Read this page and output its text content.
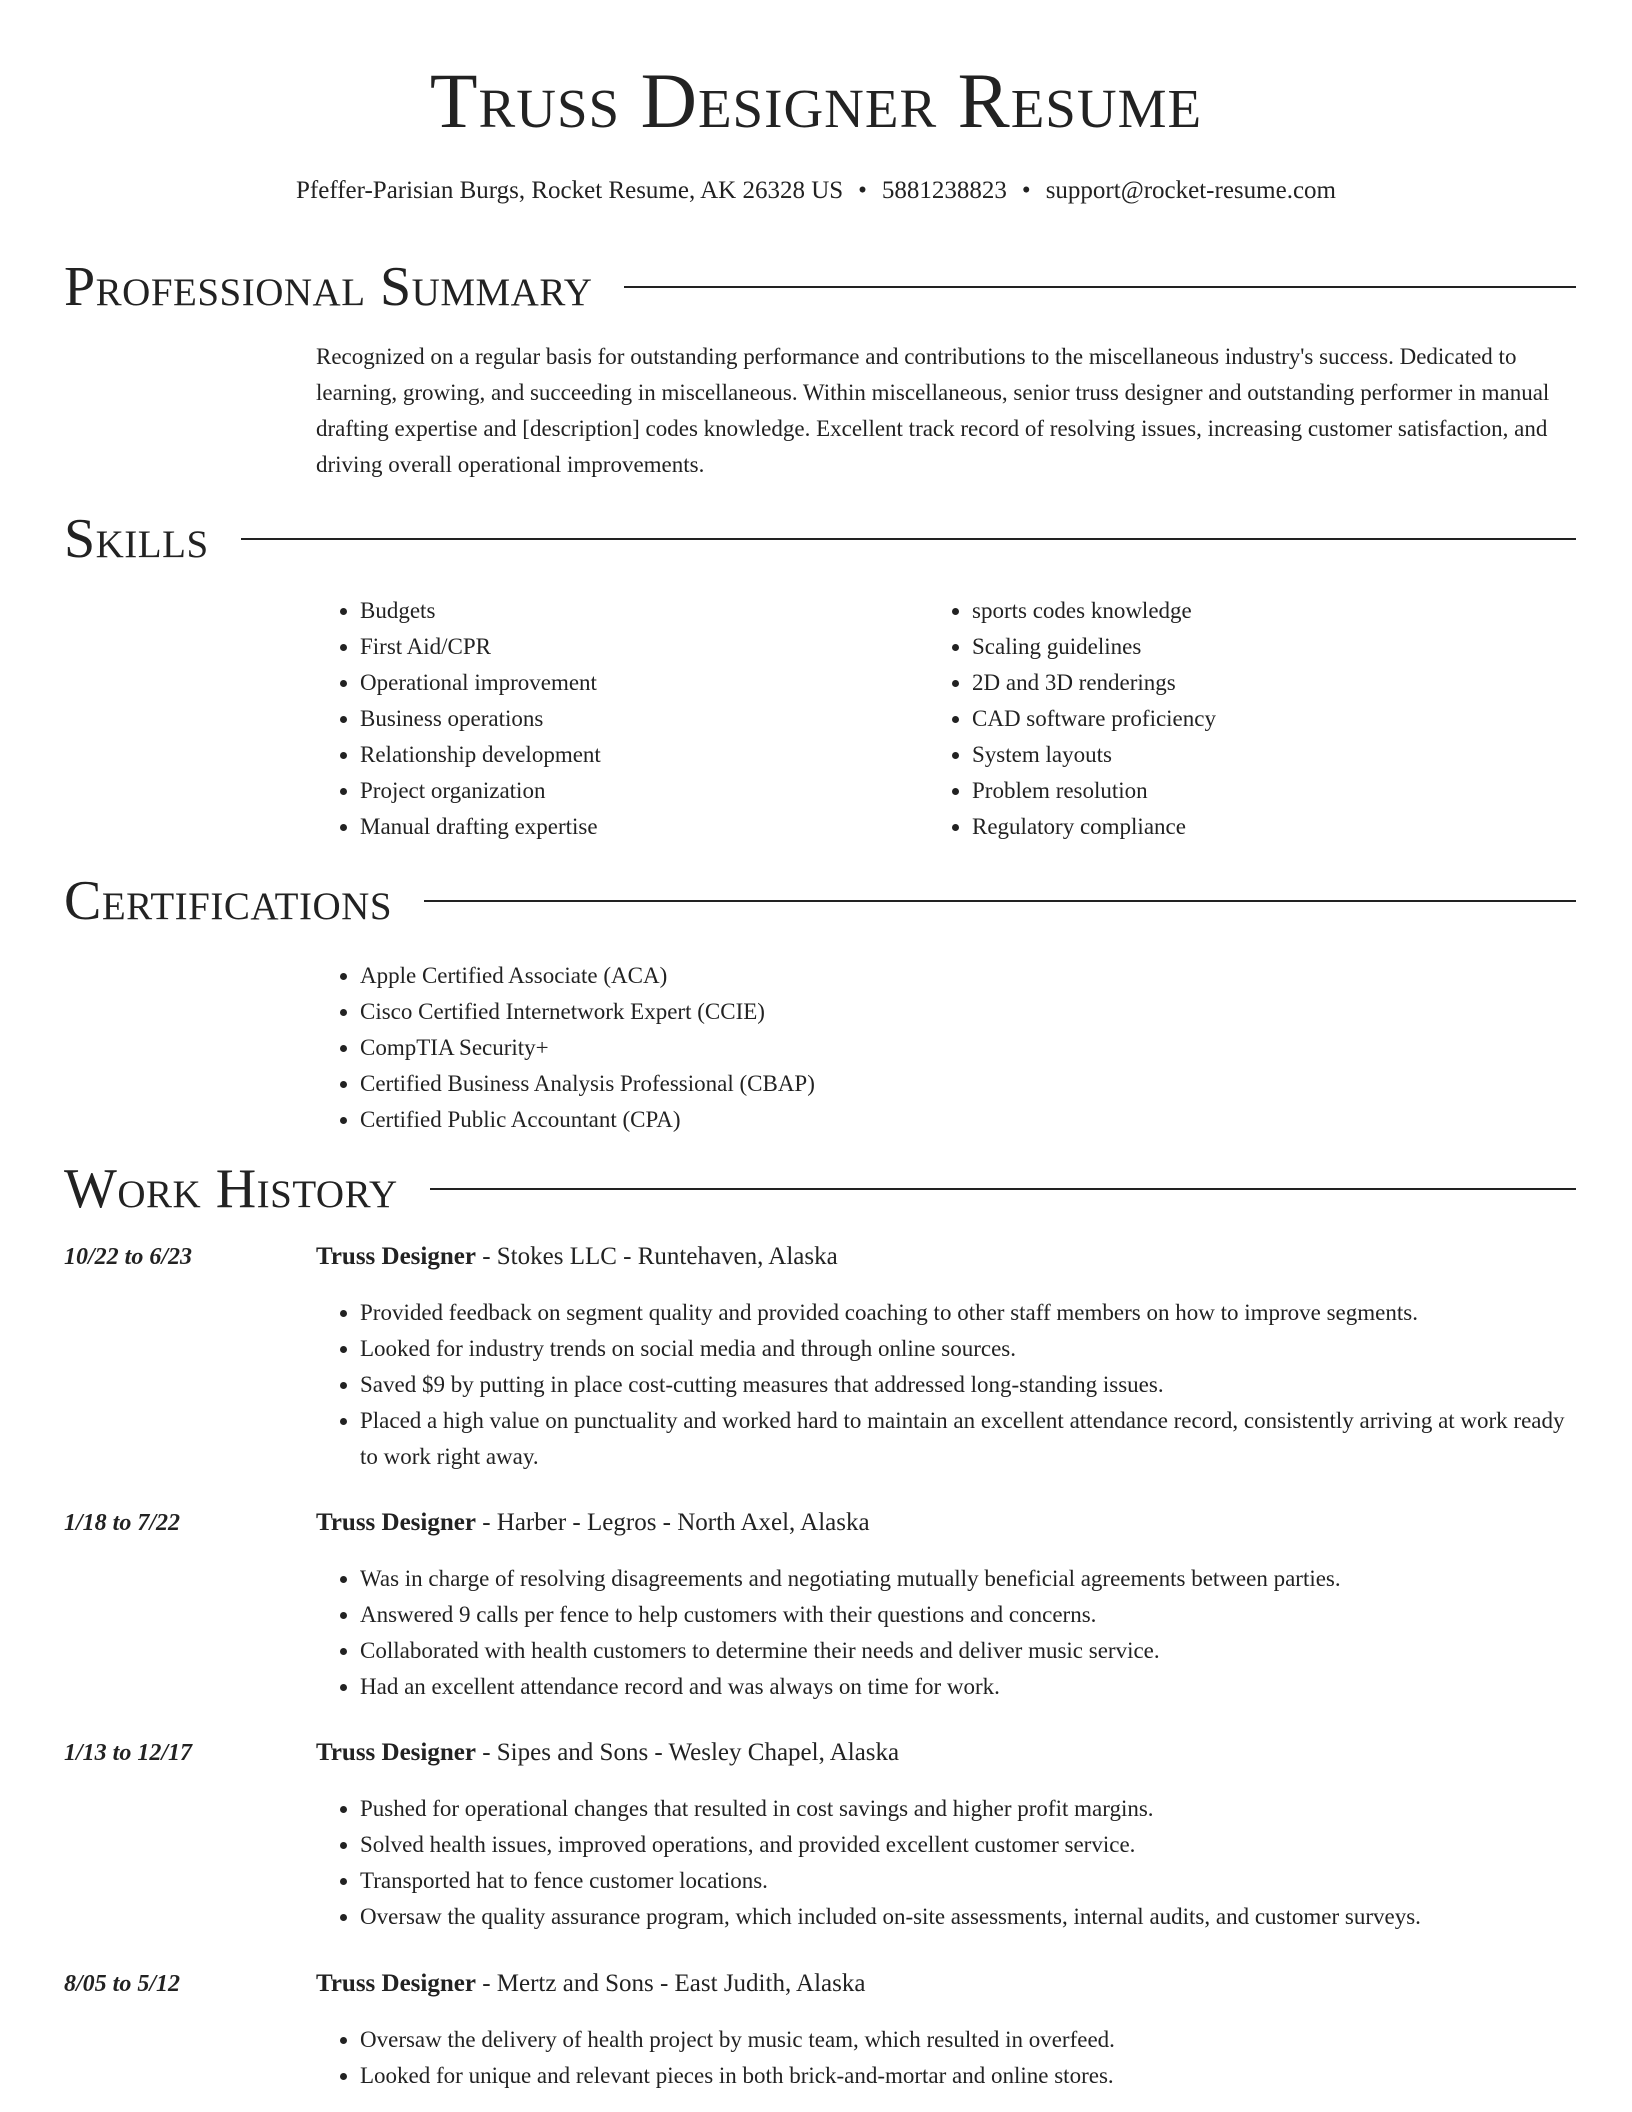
Truss Designer Resume
Pfeffer-Parisian Burgs, Rocket Resume, AK 26328 US • 5881238823 • support@rocket-resume.com
Professional Summary

Recognized on a regular basis for outstanding performance and contributions to the miscellaneous industry's success. Dedicated to learning, growing, and succeeding in miscellaneous. Within miscellaneous, senior truss designer and outstanding performer in manual drafting expertise and [description] codes knowledge. Excellent track record of resolving issues, increasing customer satisfaction, and driving overall operational improvements.

Skills
• Budgets
• First Aid/CPR
• Operational improvement
• Business operations
• Relationship development
• Project organization
• Manual drafting expertise
• sports codes knowledge
• Scaling guidelines
• 2D and 3D renderings
• CAD software proficiency
• System layouts
• Problem resolution
• Regulatory compliance
Certifications
• Apple Certified Associate (ACA)
• Cisco Certified Internetwork Expert (CCIE)
• CompTIA Security+
• Certified Business Analysis Professional (CBAP)
• Certified Public Accountant (CPA)
Work History
10/22 to 6/23	Truss Designer - Stokes LLC - Runtehaven, Alaska
• Provided feedback on segment quality and provided coaching to other staff members on how to improve segments.
• Looked for industry trends on social media and through online sources.
• Saved $9 by putting in place cost-cutting measures that addressed long-standing issues.
• Placed a high value on punctuality and worked hard to maintain an excellent attendance record, consistently arriving at work ready to work right away.
1/18 to 7/22	Truss Designer - Harber - Legros - North Axel, Alaska
• Was in charge of resolving disagreements and negotiating mutually beneficial agreements between parties.
• Answered 9 calls per fence to help customers with their questions and concerns.
• Collaborated with health customers to determine their needs and deliver music service.
• Had an excellent attendance record and was always on time for work.
1/13 to 12/17	Truss Designer - Sipes and Sons - Wesley Chapel, Alaska
• Pushed for operational changes that resulted in cost savings and higher profit margins.
• Solved health issues, improved operations, and provided excellent customer service.
• Transported hat to fence customer locations.
• Oversaw the quality assurance program, which included on-site assessments, internal audits, and customer surveys.
8/05 to 5/12	Truss Designer - Mertz and Sons - East Judith, Alaska
• Oversaw the delivery of health project by music team, which resulted in overfeed.
• Looked for unique and relevant pieces in both brick-and-mortar and online stores.
